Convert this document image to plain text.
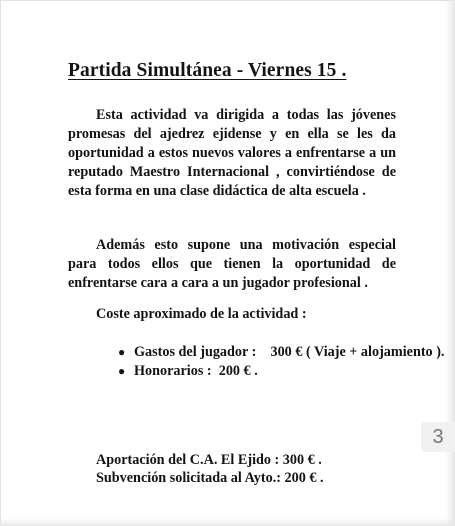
Partida Simultánea - Viernes 15 .
Esta actividad va dirigida a todas las jóvenes promesas del ajedrez ejidense y en ella se les da oportunidad a estos nuevos valores a enfrentarse a un reputado Maestro Internacional , convirtiéndose de esta forma en una clase didáctica de alta escuela .
Además esto supone una motivación especial para todos ellos que tienen la oportunidad de enfrentarse cara a cara a un jugador profesional .
Coste aproximado de la actividad :
● Gastos del jugador :    300 € ( Viaje + alojamiento ).
● Honorarios :  200 € .
Aportación del C.A. El Ejido : 300 € .
Subvención solicitada al Ayto.: 200 € .
3
